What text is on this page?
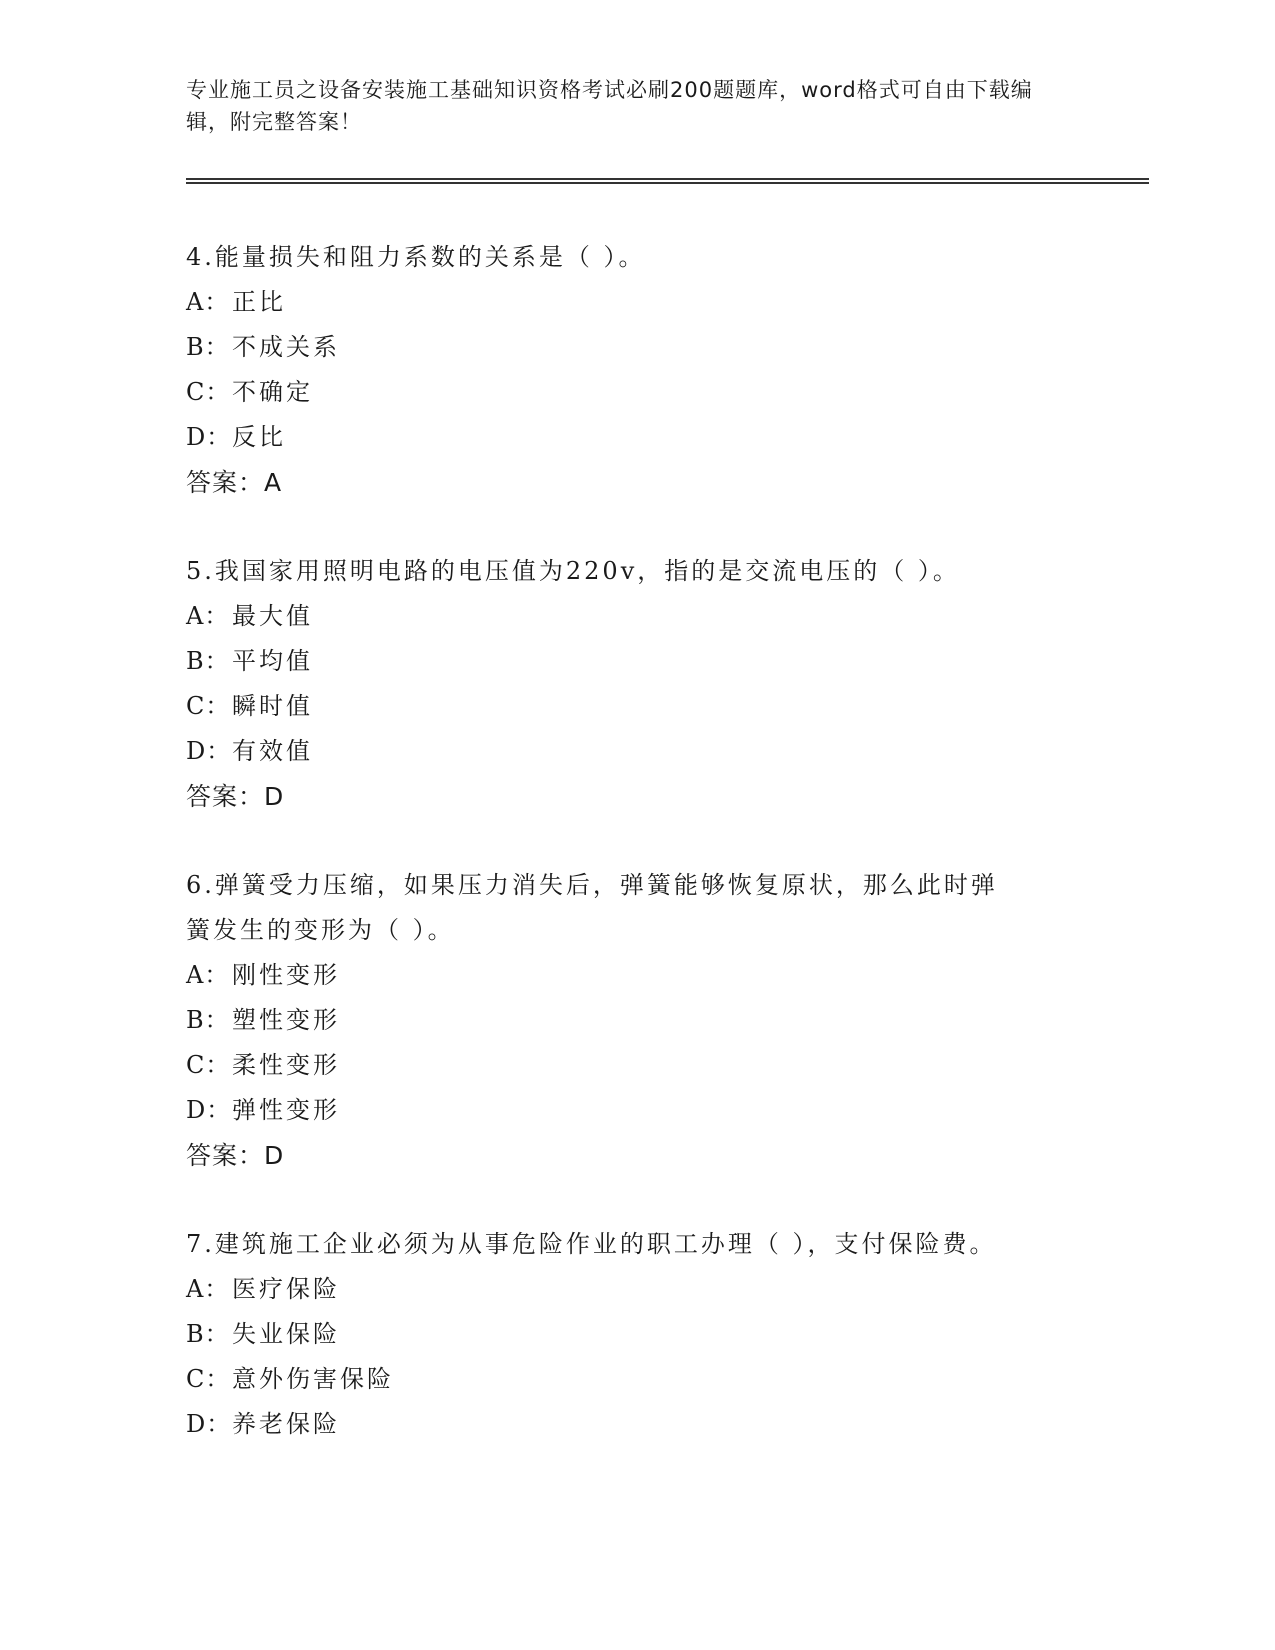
专业施工员之设备安装施工基础知识资格考试必刷200题题库，word格式可自由下载编辑，附完整答案！
4.能量损失和阻力系数的关系是（ ）。
A： 正比
B：不成关系
C：不确定
D：反比
答案：A
5.我国家用照明电路的电压值为220v，指的是交流电压的（ ）。
A： 最大值
B：平均值
C：瞬时值
D：有效值
答案：D
6.弹簧受力压缩，如果压力消失后，弹簧能够恢复原状，那么此时弹
簧发生的变形为（ ）。
A： 刚性变形
B：塑性变形
C：柔性变形
D：弹性变形
答案：D
7.建筑施工企业必须为从事危险作业的职工办理（ ），支付保险费。
A： 医疗保险
B：失业保险
C：意外伤害保险
D：养老保险
